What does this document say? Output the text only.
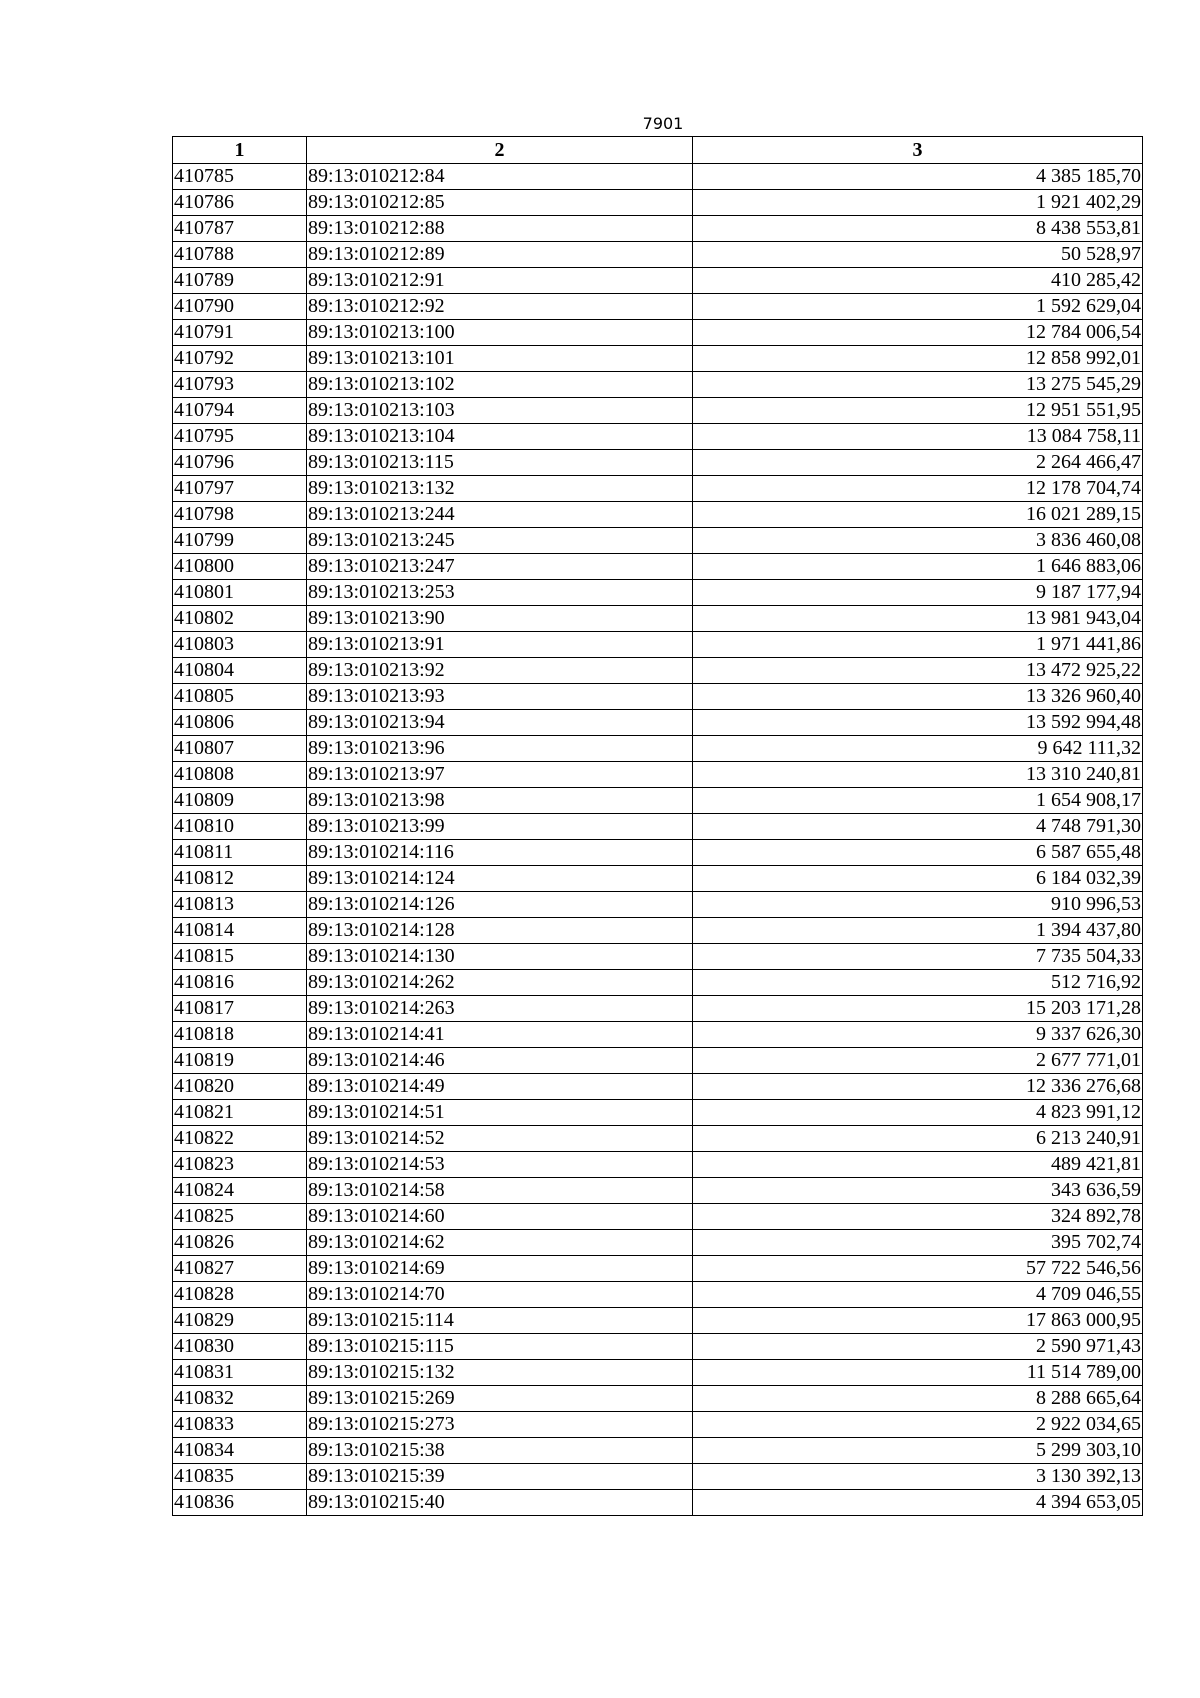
7901
1	2	3
410785	89:13:010212:84	4 385 185,70
410786	89:13:010212:85	1 921 402,29
410787	89:13:010212:88	8 438 553,81
410788	89:13:010212:89	50 528,97
410789	89:13:010212:91	410 285,42
410790	89:13:010212:92	1 592 629,04
410791	89:13:010213:100	12 784 006,54
410792	89:13:010213:101	12 858 992,01
410793	89:13:010213:102	13 275 545,29
410794	89:13:010213:103	12 951 551,95
410795	89:13:010213:104	13 084 758,11
410796	89:13:010213:115	2 264 466,47
410797	89:13:010213:132	12 178 704,74
410798	89:13:010213:244	16 021 289,15
410799	89:13:010213:245	3 836 460,08
410800	89:13:010213:247	1 646 883,06
410801	89:13:010213:253	9 187 177,94
410802	89:13:010213:90	13 981 943,04
410803	89:13:010213:91	1 971 441,86
410804	89:13:010213:92	13 472 925,22
410805	89:13:010213:93	13 326 960,40
410806	89:13:010213:94	13 592 994,48
410807	89:13:010213:96	9 642 111,32
410808	89:13:010213:97	13 310 240,81
410809	89:13:010213:98	1 654 908,17
410810	89:13:010213:99	4 748 791,30
410811	89:13:010214:116	6 587 655,48
410812	89:13:010214:124	6 184 032,39
410813	89:13:010214:126	910 996,53
410814	89:13:010214:128	1 394 437,80
410815	89:13:010214:130	7 735 504,33
410816	89:13:010214:262	512 716,92
410817	89:13:010214:263	15 203 171,28
410818	89:13:010214:41	9 337 626,30
410819	89:13:010214:46	2 677 771,01
410820	89:13:010214:49	12 336 276,68
410821	89:13:010214:51	4 823 991,12
410822	89:13:010214:52	6 213 240,91
410823	89:13:010214:53	489 421,81
410824	89:13:010214:58	343 636,59
410825	89:13:010214:60	324 892,78
410826	89:13:010214:62	395 702,74
410827	89:13:010214:69	57 722 546,56
410828	89:13:010214:70	4 709 046,55
410829	89:13:010215:114	17 863 000,95
410830	89:13:010215:115	2 590 971,43
410831	89:13:010215:132	11 514 789,00
410832	89:13:010215:269	8 288 665,64
410833	89:13:010215:273	2 922 034,65
410834	89:13:010215:38	5 299 303,10
410835	89:13:010215:39	3 130 392,13
410836	89:13:010215:40	4 394 653,05
